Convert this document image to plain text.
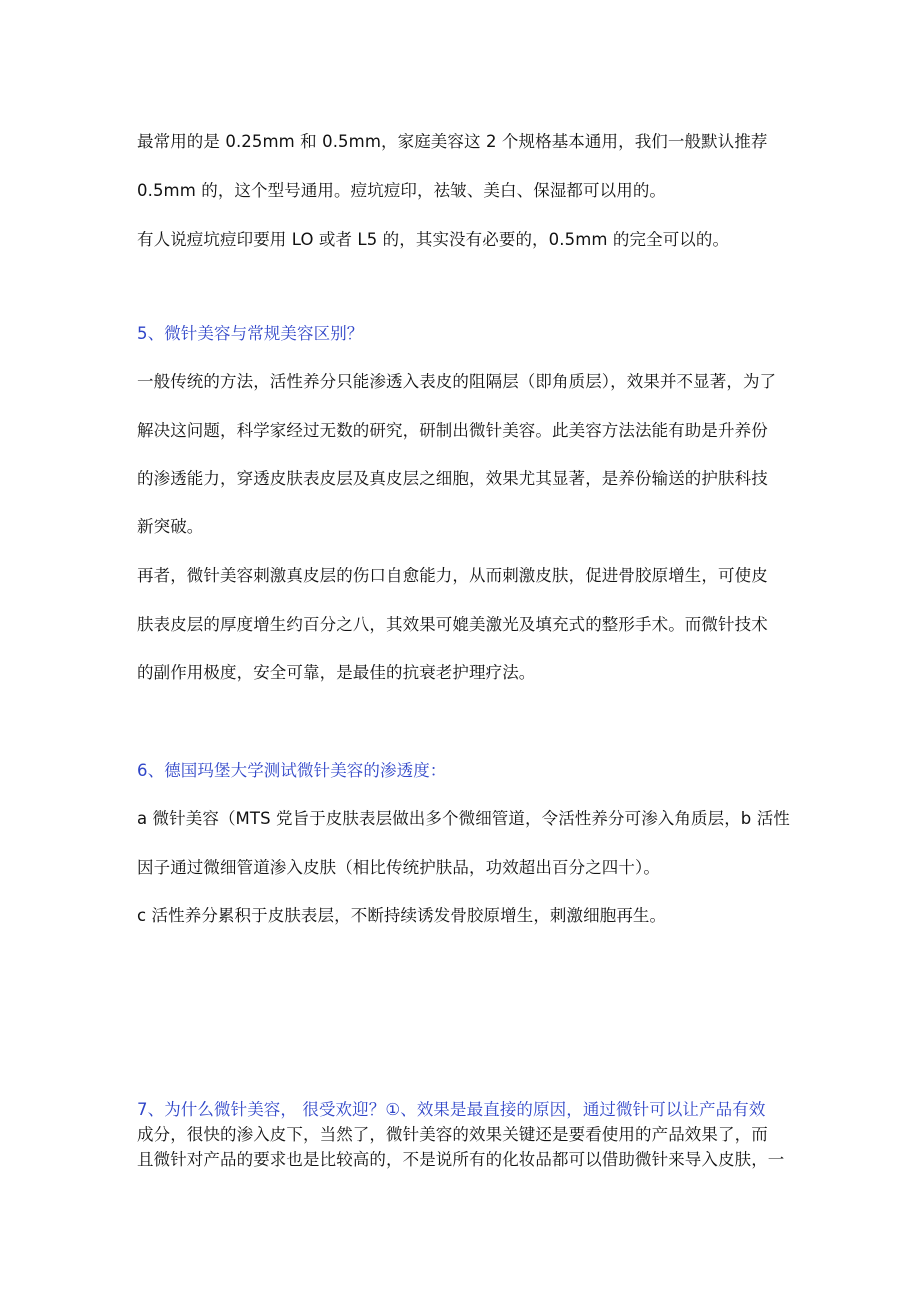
最常用的是 0.25mm 和 0.5mm，家庭美容这 2 个规格基本通用，我们一般默认推荐
0.5mm 的，这个型号通用。痘坑痘印，祛皱、美白、保湿都可以用的。
有人说痘坑痘印要用 LO 或者 L5 的，其实没有必要的，0.5mm 的完全可以的。
5、微针美容与常规美容区别？
一般传统的方法，活性养分只能渗透入表皮的阻隔层（即角质层），效果并不显著，为了
解决这问题，科学家经过无数的研究，研制出微针美容。此美容方法法能有助是升养份
的渗透能力，穿透皮肤表皮层及真皮层之细胞，效果尤其显著，是养份输送的护肤科技
新突破。
再者，微针美容刺激真皮层的伤口自愈能力，从而刺激皮肤，促进骨胶原增生，可使皮
肤表皮层的厚度增生约百分之八，其效果可媲美激光及填充式的整形手术。而微针技术
的副作用极度，安全可靠，是最佳的抗衰老护理疗法。
6、德国玛堡大学测试微针美容的渗透度：
a 微针美容（MTS 党旨于皮肤表层做出多个微细管道，令活性养分可渗入角质层，b 活性
因子通过微细管道渗入皮肤（相比传统护肤品，功效超出百分之四十）。
c 活性养分累积于皮肤表层，不断持续诱发骨胶原增生，刺激细胞再生。
7、为什么微针美容， 很受欢迎？①、效果是最直接的原因，通过微针可以让产品有效
成分，很快的渗入皮下，当然了，微针美容的效果关键还是要看使用的产品效果了，而
且微针对产品的要求也是比较高的，不是说所有的化妆品都可以借助微针来导入皮肤，一
